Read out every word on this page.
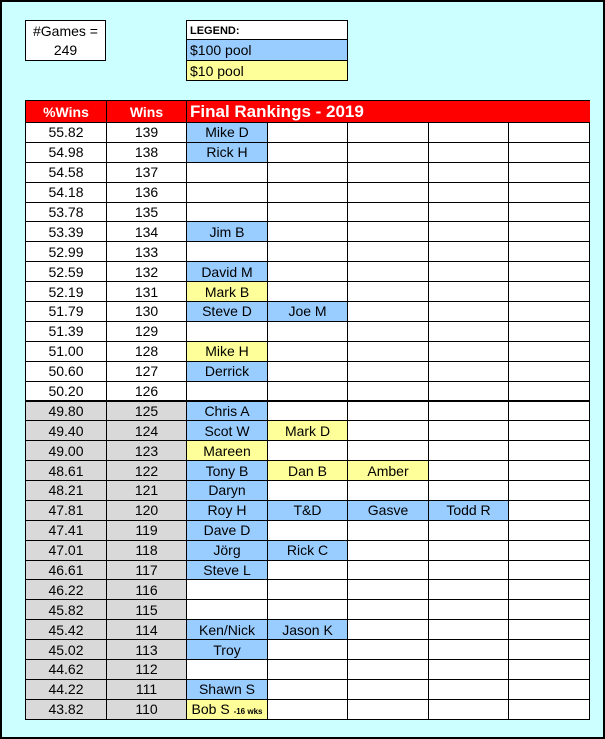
#Games =
249
LEGEND:
$100 pool
$10 pool
%Wins	Wins	Final Rankings - 2019				
55.82	139	Mike D				
54.98	138	Rick H				
54.58	137					
54.18	136					
53.78	135					
53.39	134	Jim B				
52.99	133					
52.59	132	David M				
52.19	131	Mark B				
51.79	130	Steve D	Joe M			
51.39	129					
51.00	128	Mike H				
50.60	127	Derrick				
50.20	126					
49.80	125	Chris A				
49.40	124	Scot W	Mark D			
49.00	123	Mareen				
48.61	122	Tony B	Dan B	Amber		
48.21	121	Daryn				
47.81	120	Roy H	T&D	Gasve	Todd R	
47.41	119	Dave D				
47.01	118	Jörg	Rick C			
46.61	117	Steve L				
46.22	116					
45.82	115					
45.42	114	Ken/Nick	Jason K			
45.02	113	Troy				
44.62	112					
44.22	111	Shawn S				
43.82	110	Bob S -16 wks				
